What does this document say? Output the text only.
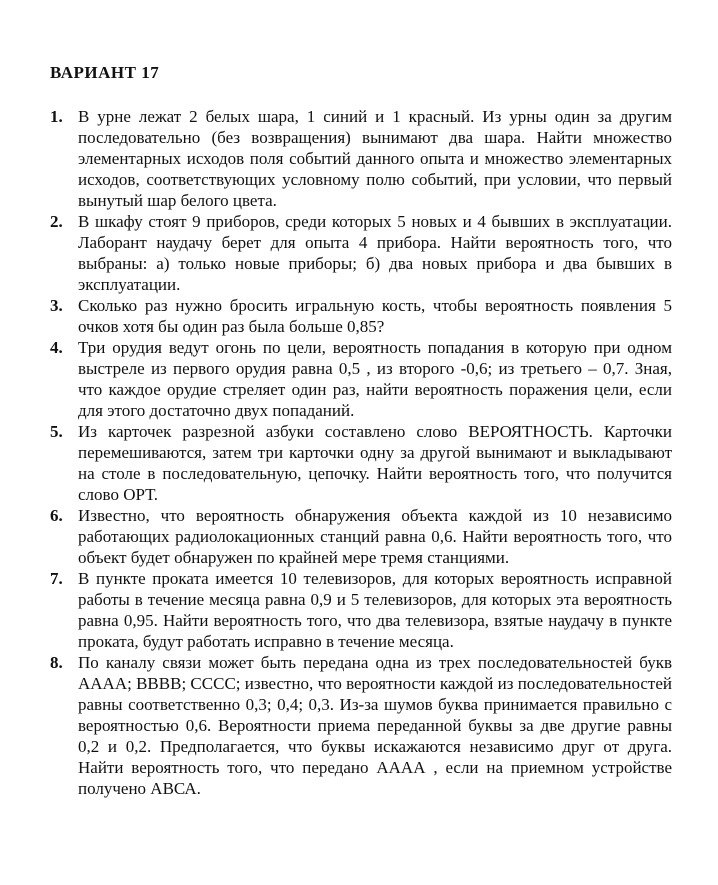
ВАРИАНТ 17
1. В урне лежат 2 белых шара, 1 синий и 1 красный. Из урны один за другим последовательно (без возвращения) вынимают два шара. Найти множество элементарных исходов поля событий данного опыта и множество элементарных исходов, соответствующих условному полю событий, при условии, что первый вынутый шар белого цвета.
2. В шкафу стоят 9 приборов, среди которых 5 новых и 4 бывших в эксплуатации. Лаборант наудачу берет для опыта 4 прибора. Найти вероятность того, что выбраны: а) только новые приборы; б) два новых прибора и два бывших в эксплуатации.
3. Сколько раз нужно бросить игральную кость, чтобы вероятность появления 5 очков хотя бы один раз была больше 0,85?
4. Три орудия ведут огонь по цели, вероятность попадания в которую при одном выстреле из первого орудия равна 0,5 , из второго -0,6; из третьего – 0,7. Зная, что каждое орудие стреляет один раз, найти вероятность поражения цели, если для этого достаточно двух попаданий.
5. Из карточек разрезной азбуки составлено слово ВЕРОЯТНОСТЬ. Карточки перемешиваются, затем три карточки одну за другой вынимают и выкладывают на столе в последовательную, цепочку. Найти вероятность того, что получится слово ОРТ.
6. Известно, что вероятность обнаружения объекта каждой из 10 независимо работающих радиолокационных станций равна 0,6. Найти вероятность того, что объект будет обнаружен по крайней мере тремя станциями.
7. В пункте проката имеется 10 телевизоров, для которых вероятность исправной работы в течение месяца равна 0,9 и 5 телевизоров, для которых эта вероятность равна 0,95. Найти вероятность того, что два телевизора, взятые наудачу в пункте проката, будут работать исправно в течение месяца.
8. По каналу связи может быть передана одна из трех последовательностей букв АААА; BBBB; СССС; известно, что вероятности каждой из последовательностей равны соответственно 0,3; 0,4; 0,3. Из-за шумов буква принимается правильно с вероятностью 0,6. Вероятности приема переданной буквы за две другие равны 0,2 и 0,2. Предполагается, что буквы искажаются независимо друг от друга. Найти вероятность того, что передано АААА , если на приемном устройстве получено АВСА.
